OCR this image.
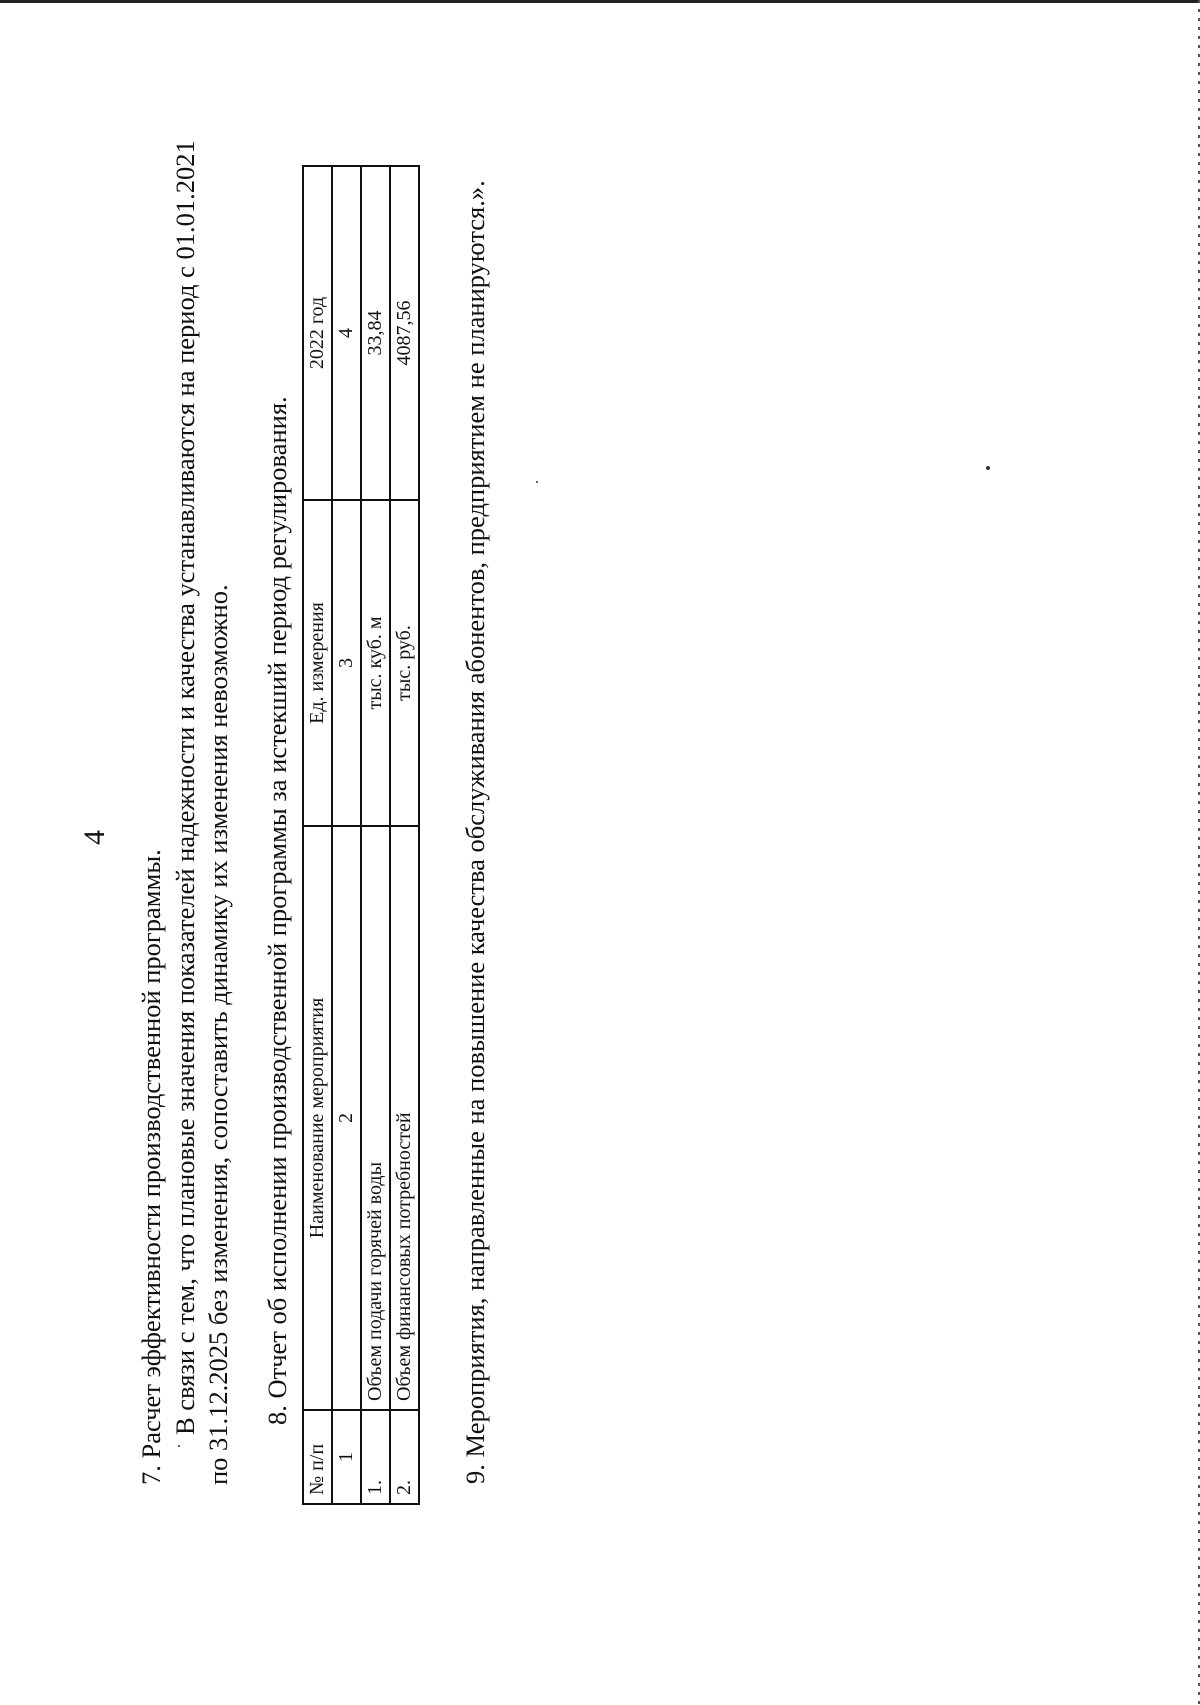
4
7. Расчет эффективности производственной программы. В связи с тем, что плановые значения показателей надежности и качества устанавливаются на период с 01.01.2021 по 31.12.2025 без изменения, сопоставить динамику их изменения невозможно. 8. Отчет об исполнении производственной программы за истекший период регулирования.
№ п/п	Наименование мероприятия	Ед. измерения	2022 год
1	2	3	4
1.	Объем подачи горячей воды	тыс. куб. м	33,84
2.	Объем финансовых потребностей	тыс. руб.	4087,56 9. Мероприятия, направленные на повышение качества обслуживания абонентов, предприятием не планируются.».
